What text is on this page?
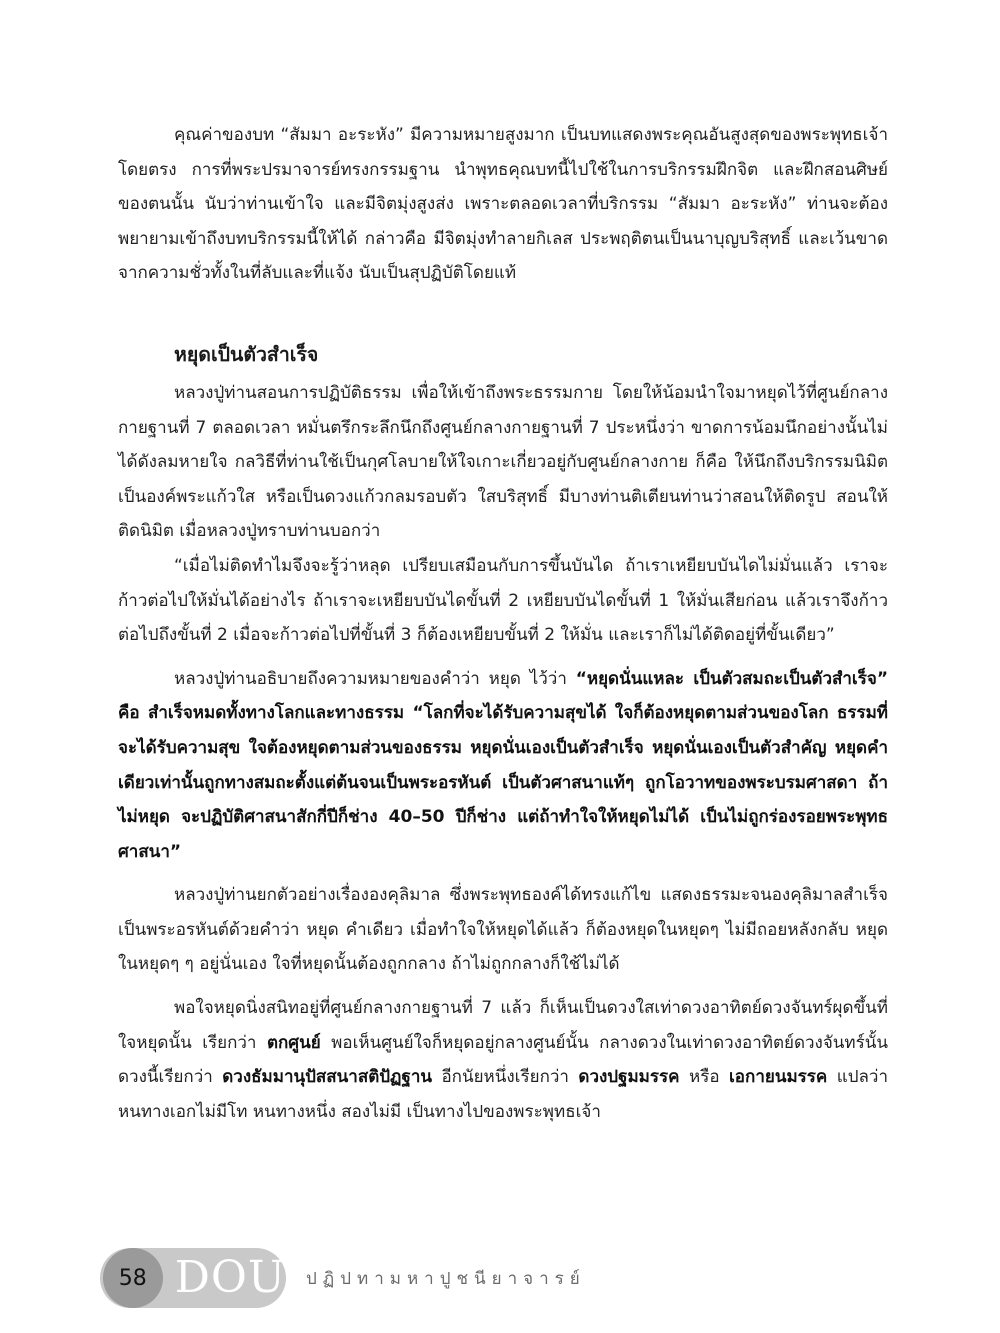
คุณค่าของบท “สัมมา อะระหัง” มีความหมายสูงมาก เป็นบทแสดงพระคุณอันสูงสุดของพระพุทธเจ้าโดยตรง การที่พระปรมาจารย์ทรงกรรมฐาน นำพุทธคุณบทนี้ไปใช้ในการบริกรรมฝึกจิต และฝึกสอนศิษย์ของตนนั้น นับว่าท่านเข้าใจ และมีจิตมุ่งสูงส่ง เพราะตลอดเวลาที่บริกรรม “สัมมา อะระหัง” ท่านจะต้องพยายามเข้าถึงบทบริกรรมนี้ให้ได้ กล่าวคือ มีจิตมุ่งทำลายกิเลส ประพฤติตนเป็นนาบุญบริสุทธิ์ และเว้นขาดจากความชั่วทั้งในที่ลับและที่แจ้ง นับเป็นสุปฏิบัติโดยแท้

หยุดเป็นตัวสำเร็จ

หลวงปู่ท่านสอนการปฏิบัติธรรม เพื่อให้เข้าถึงพระธรรมกาย โดยให้น้อมนำใจมาหยุดไว้ที่ศูนย์กลางกายฐานที่ 7 ตลอดเวลา หมั่นตรึกระลึกนึกถึงศูนย์กลางกายฐานที่ 7 ประหนึ่งว่า ขาดการน้อมนึกอย่างนั้นไม่ได้ดังลมหายใจ กลวิธีที่ท่านใช้เป็นกุศโลบายให้ใจเกาะเกี่ยวอยู่กับศูนย์กลางกาย ก็คือ ให้นึกถึงบริกรรมนิมิตเป็นองค์พระแก้วใส หรือเป็นดวงแก้วกลมรอบตัว ใสบริสุทธิ์ มีบางท่านติเตียนท่านว่าสอนให้ติดรูป สอนให้ติดนิมิต เมื่อหลวงปู่ทราบท่านบอกว่า

“เมื่อไม่ติดทำไมจึงจะรู้ว่าหลุด เปรียบเสมือนกับการขึ้นบันได ถ้าเราเหยียบบันไดไม่มั่นแล้ว เราจะก้าวต่อไปให้มั่นได้อย่างไร ถ้าเราจะเหยียบบันไดขั้นที่ 2 เหยียบบันไดขั้นที่ 1 ให้มั่นเสียก่อน แล้วเราจึงก้าวต่อไปถึงขั้นที่ 2 เมื่อจะก้าวต่อไปที่ขั้นที่ 3 ก็ต้องเหยียบขั้นที่ 2 ให้มั่น และเราก็ไม่ได้ติดอยู่ที่ขั้นเดียว”

หลวงปู่ท่านอธิบายถึงความหมายของคำว่า หยุด ไว้ว่า “หยุดนั่นแหละ เป็นตัวสมถะเป็นตัวสำเร็จ” คือ สำเร็จหมดทั้งทางโลกและทางธรรม “โลกที่จะได้รับความสุขได้ ใจก็ต้องหยุดตามส่วนของโลก ธรรมที่จะได้รับความสุข ใจต้องหยุดตามส่วนของธรรม หยุดนั่นเองเป็นตัวสำเร็จ หยุดนั่นเองเป็นตัวสำคัญ หยุดคำเดียวเท่านั้นถูกทางสมถะตั้งแต่ต้นจนเป็นพระอรหันต์ เป็นตัวศาสนาแท้ๆ ถูกโอวาทของพระบรมศาสดา ถ้าไม่หยุด จะปฏิบัติศาสนาสักกี่ปีก็ช่าง 40–50 ปีก็ช่าง แต่ถ้าทำใจให้หยุดไม่ได้ เป็นไม่ถูกร่องรอยพระพุทธศาสนา”

หลวงปู่ท่านยกตัวอย่างเรื่ององคุลิมาล ซึ่งพระพุทธองค์ได้ทรงแก้ไข แสดงธรรมะจนองคุลิมาลสำเร็จเป็นพระอรหันต์ด้วยคำว่า หยุด คำเดียว เมื่อทำใจให้หยุดได้แล้ว ก็ต้องหยุดในหยุดๆ ไม่มีถอยหลังกลับ หยุดในหยุดๆ ๆ อยู่นั่นเอง ใจที่หยุดนั้นต้องถูกกลาง ถ้าไม่ถูกกลางก็ใช้ไม่ได้

พอใจหยุดนิ่งสนิทอยู่ที่ศูนย์กลางกายฐานที่ 7 แล้ว ก็เห็นเป็นดวงใสเท่าดวงอาทิตย์ดวงจันทร์ผุดขึ้นที่ใจหยุดนั้น เรียกว่า ตกศูนย์ พอเห็นศูนย์ใจก็หยุดอยู่กลางศูนย์นั้น กลางดวงในเท่าดวงอาทิตย์ดวงจันทร์นั้น ดวงนี้เรียกว่า ดวงธัมมานุปัสสนาสติปัฏฐาน อีกนัยหนึ่งเรียกว่า ดวงปฐมมรรค หรือ เอกายนมรรค แปลว่า หนทางเอกไม่มีโท หนทางหนึ่ง สองไม่มี เป็นทางไปของพระพุทธเจ้า

58 DOU ปฏิปทามหาปูชนียาจารย์
